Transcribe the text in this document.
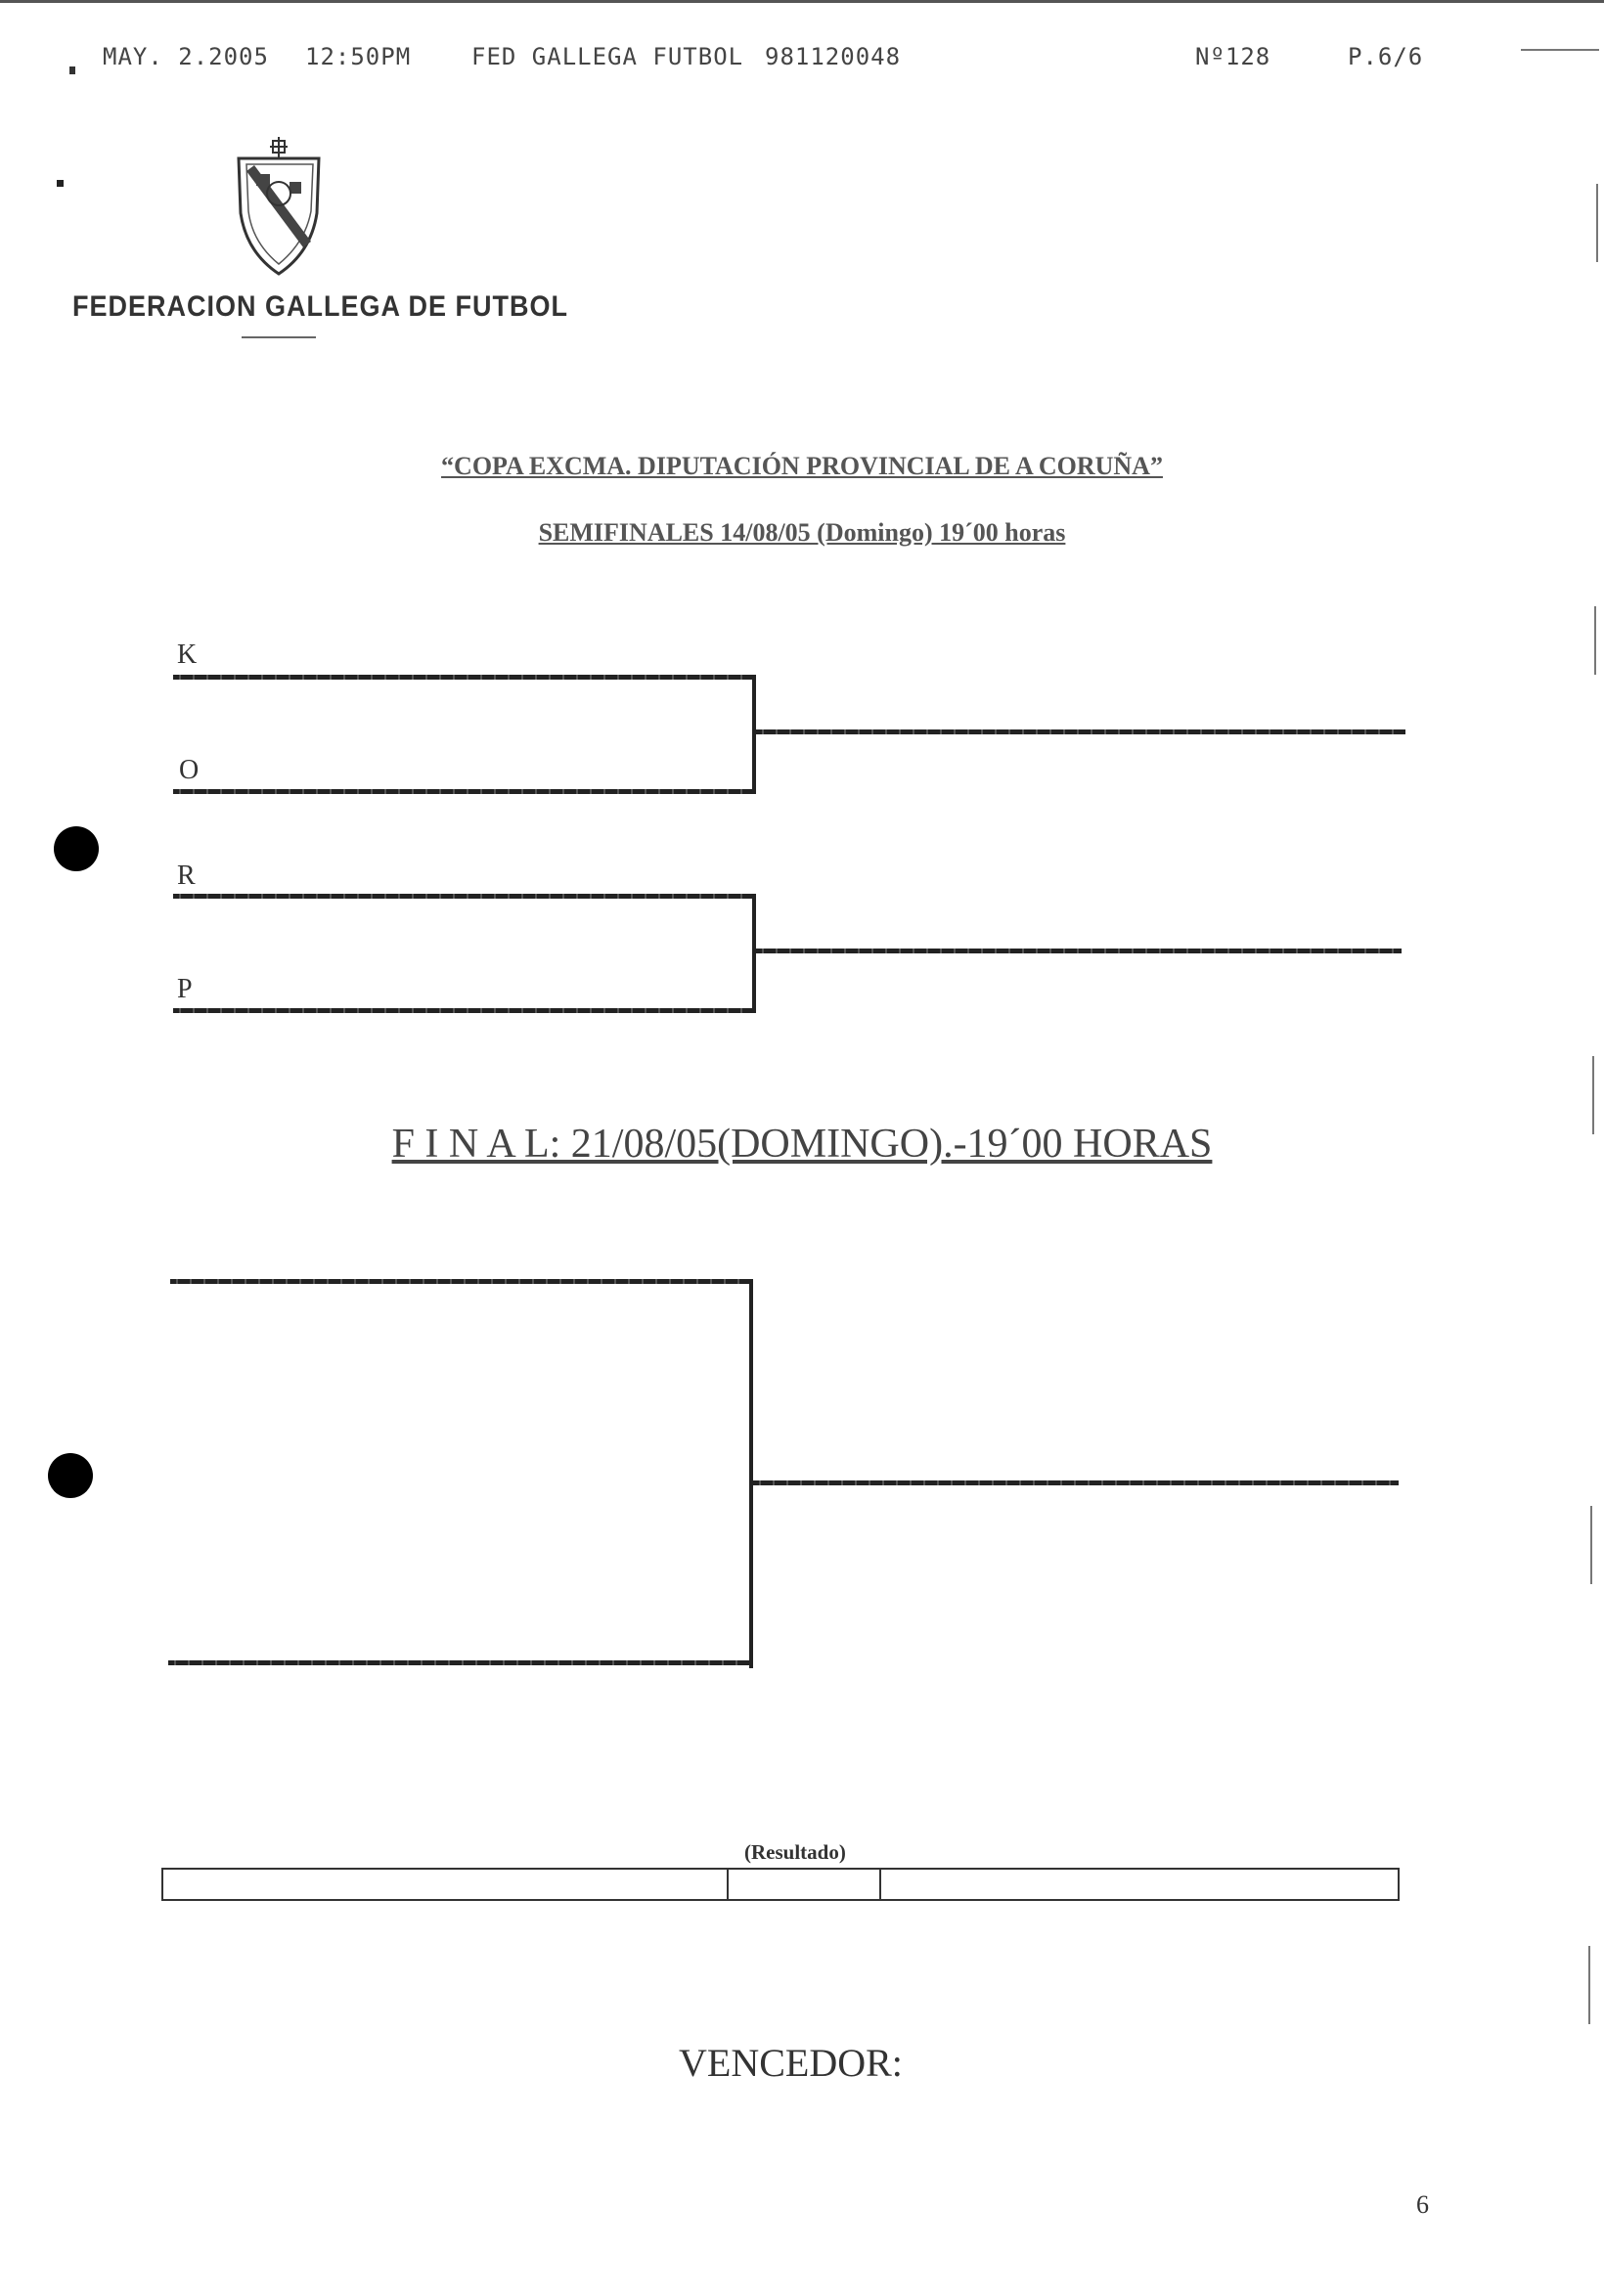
MAY. 2.2005 12:50PM	FED GALLEGA FUTBOL 981120048	Nº128	P.6/6
FEDERACION GALLEGA DE FUTBOL
“COPA EXCMA. DIPUTACIÓN PROVINCIAL DE A CORUÑA”
SEMIFINALES 14/08/05 (Domingo) 19´00 horas
K
O
R
P
F I N A L: 21/08/05(DOMINGO).-19´00 HORAS
(Resultado)
VENCEDOR:
6
